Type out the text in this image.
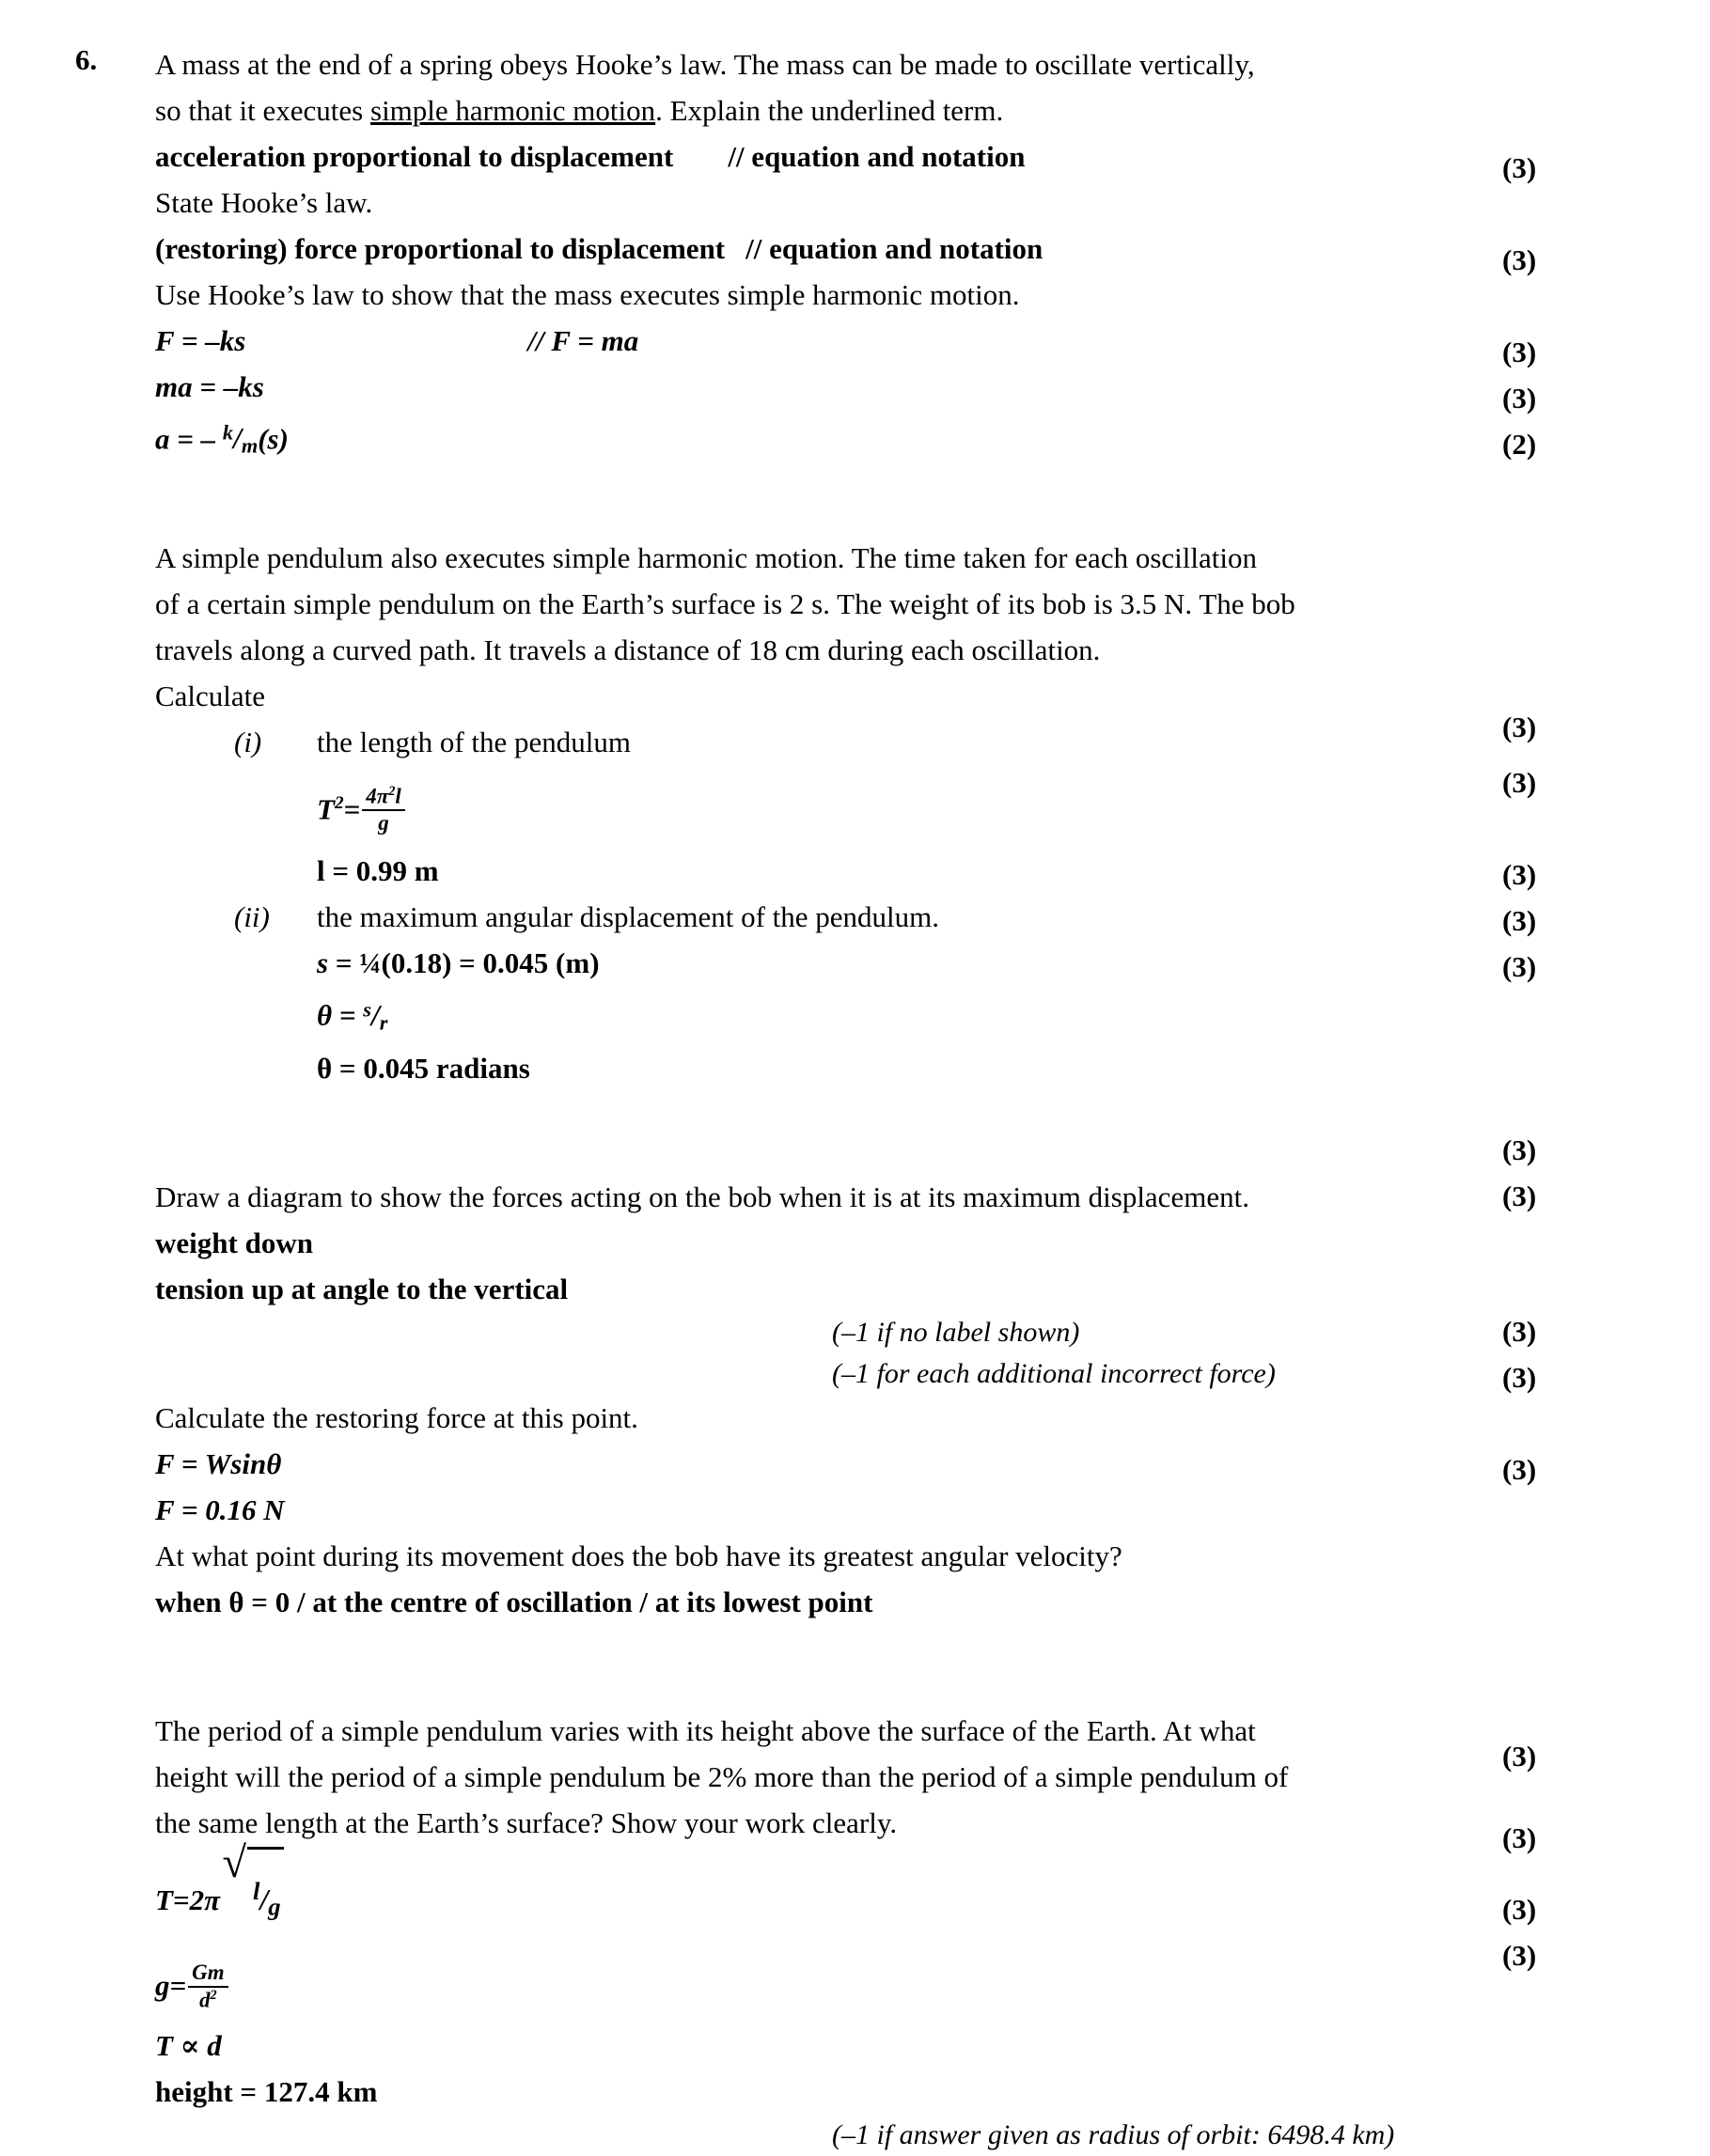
6. A mass at the end of a spring obeys Hooke’s law. The mass can be made to oscillate vertically,
so that it executes simple harmonic motion. Explain the underlined term.
acceleration proportional to displacement // equation and notation
State Hooke’s law.
(restoring) force proportional to displacement // equation and notation
Use Hooke’s law to show that the mass executes simple harmonic motion.
F = –ks	// F = ma
ma = –ks
a = – $^k$/m(s)
A simple pendulum also executes simple harmonic motion. The time taken for each oscillation
of a certain simple pendulum on the Earth’s surface is 2 s. The weight of its bob is 3.5 N. The bob
travels along a curved path. It travels a distance of 18 cm during each oscillation.
Calculate
(i) the length of the pendulum
$T^2= \frac{4\pi^2l}{g}$
l = 0.99 m
(ii) the maximum angular displacement of the pendulum.
s = ¼(0.18) = 0.045 (m)
θ = $^s$/r
θ = 0.045 radians
Draw a diagram to show the forces acting on the bob when it is at its maximum displacement.
weight down
tension up at angle to the vertical
(–1 if no label shown)
(–1 for each additional incorrect force)
Calculate the restoring force at this point.
F = Wsinθ
F = 0.16 N
At what point during its movement does the bob have its greatest angular velocity?
when θ = 0 / at the centre of oscillation / at its lowest point
The period of a simple pendulum varies with its height above the surface of the Earth. At what
height will the period of a simple pendulum be 2% more than the period of a simple pendulum of
the same length at the Earth’s surface? Show your work clearly.
T=2π
√
l/g
$g= \frac{Gm}{d^2}$
T ∝ d
height = 127.4 km
(–1 if answer given as radius of orbit: 6498.4 km)
(3)
(3)
(3)
(3)
(2)
(3)
(3)
(3)
(3)
(3)
(3)
(3)
(3)
(3)
(3)
(3)
(3)
(3)
(3)
